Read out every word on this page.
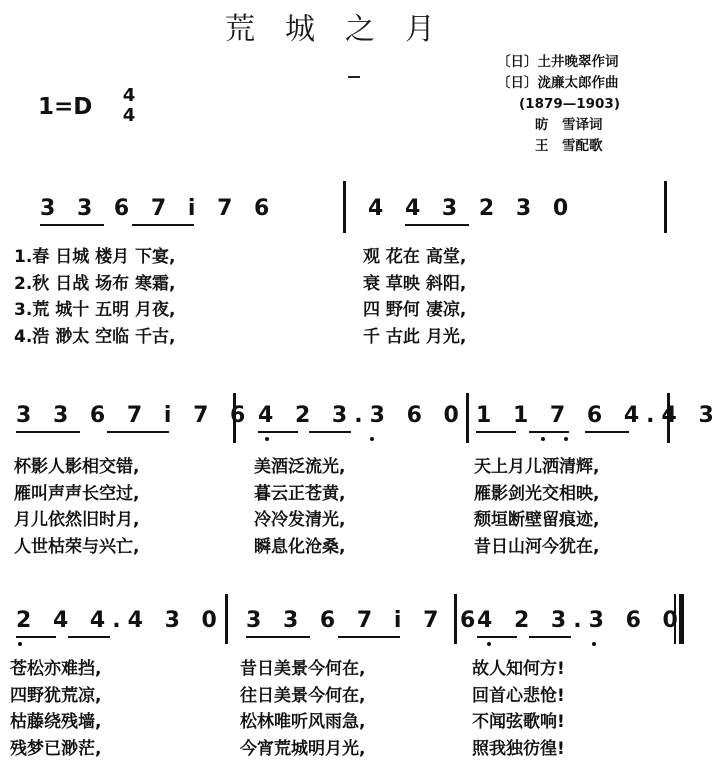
荒城之月
1=D 4
4
〔日〕土井晚翠作词
〔日〕泷廉太郎作曲
(1879—1903)
昉　雪译词
王　雪配歌
3 3 6 7 i 7 6	4 4 3 2 3 0
1.春 日城 楼月 下宴,
2.秋 日战 场布 寒霜,
3.荒 城十 五明 月夜,
4.浩 渺太 空临 千古,
观 花在 高堂,
衰 草映 斜阳,
四 野何 凄凉,
千 古此 月光,
3 3 6 7 i 7 6 4 2 3.3 6 0 1 1 7 6 4.4 3
杯影人影相交错,
雁叫声声长空过,
月儿依然旧时月,
人世枯荣与兴亡,
美酒泛流光,
暮云正苍黄,
冷冷发清光,
瞬息化沧桑,
天上月儿洒清辉,
雁影剑光交相映,
颓垣断壁留痕迹,
昔日山河今犹在,
2 4 4.4 3 0 3 3 6 7 i 7 6
4 2 3.3 6 0
苍松亦难挡,
四野犹荒凉,
枯藤绕残墙,
残梦已渺茫,
昔日美景今何在,
往日美景今何在,
松林唯听风雨急,
今宵荒城明月光,
故人知何方!
回首心悲怆!
不闻弦歌响!
照我独彷徨!
